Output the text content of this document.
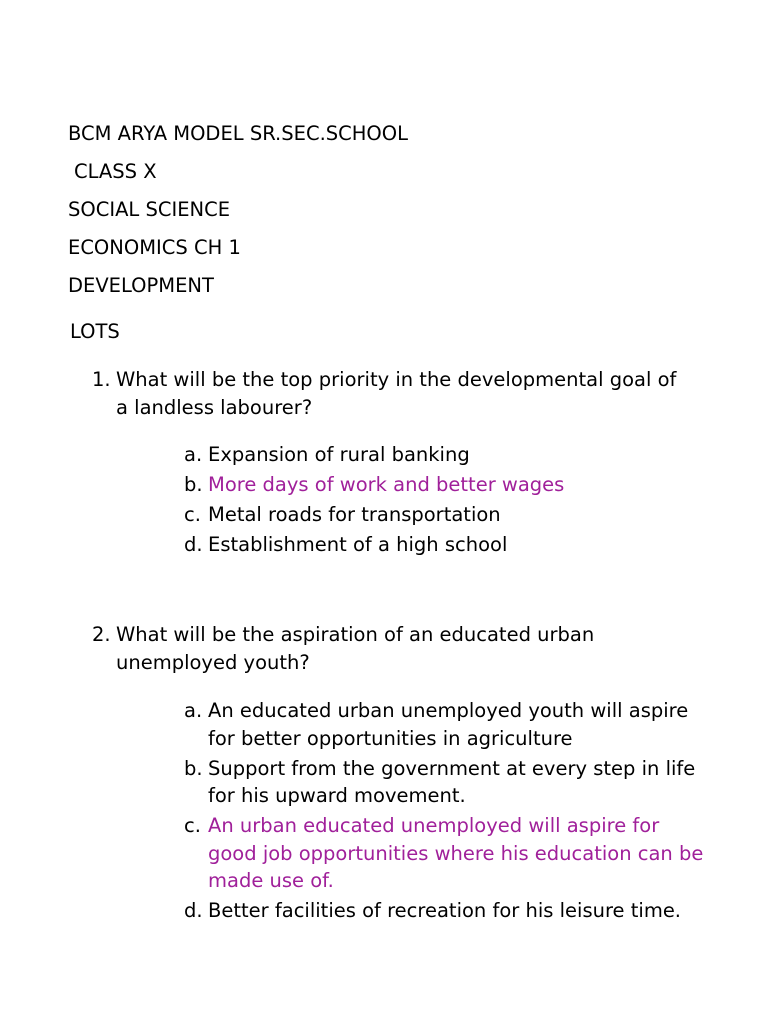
BCM ARYA MODEL SR.SEC.SCHOOL
CLASS X
SOCIAL SCIENCE
ECONOMICS CH 1
DEVELOPMENT
LOTS
1. What will be the top priority in the developmental goal of a landless labourer?
a. Expansion of rural banking
b. More days of work and better wages
c. Metal roads for transportation
d. Establishment of a high school
2. What will be the aspiration of an educated urban unemployed youth?
a. An educated urban unemployed youth will aspire for better opportunities in agriculture
b. Support from the government at every step in life for his upward movement.
c. An urban educated unemployed will aspire for good job opportunities where his education can be made use of.
d. Better facilities of recreation for his leisure time.
